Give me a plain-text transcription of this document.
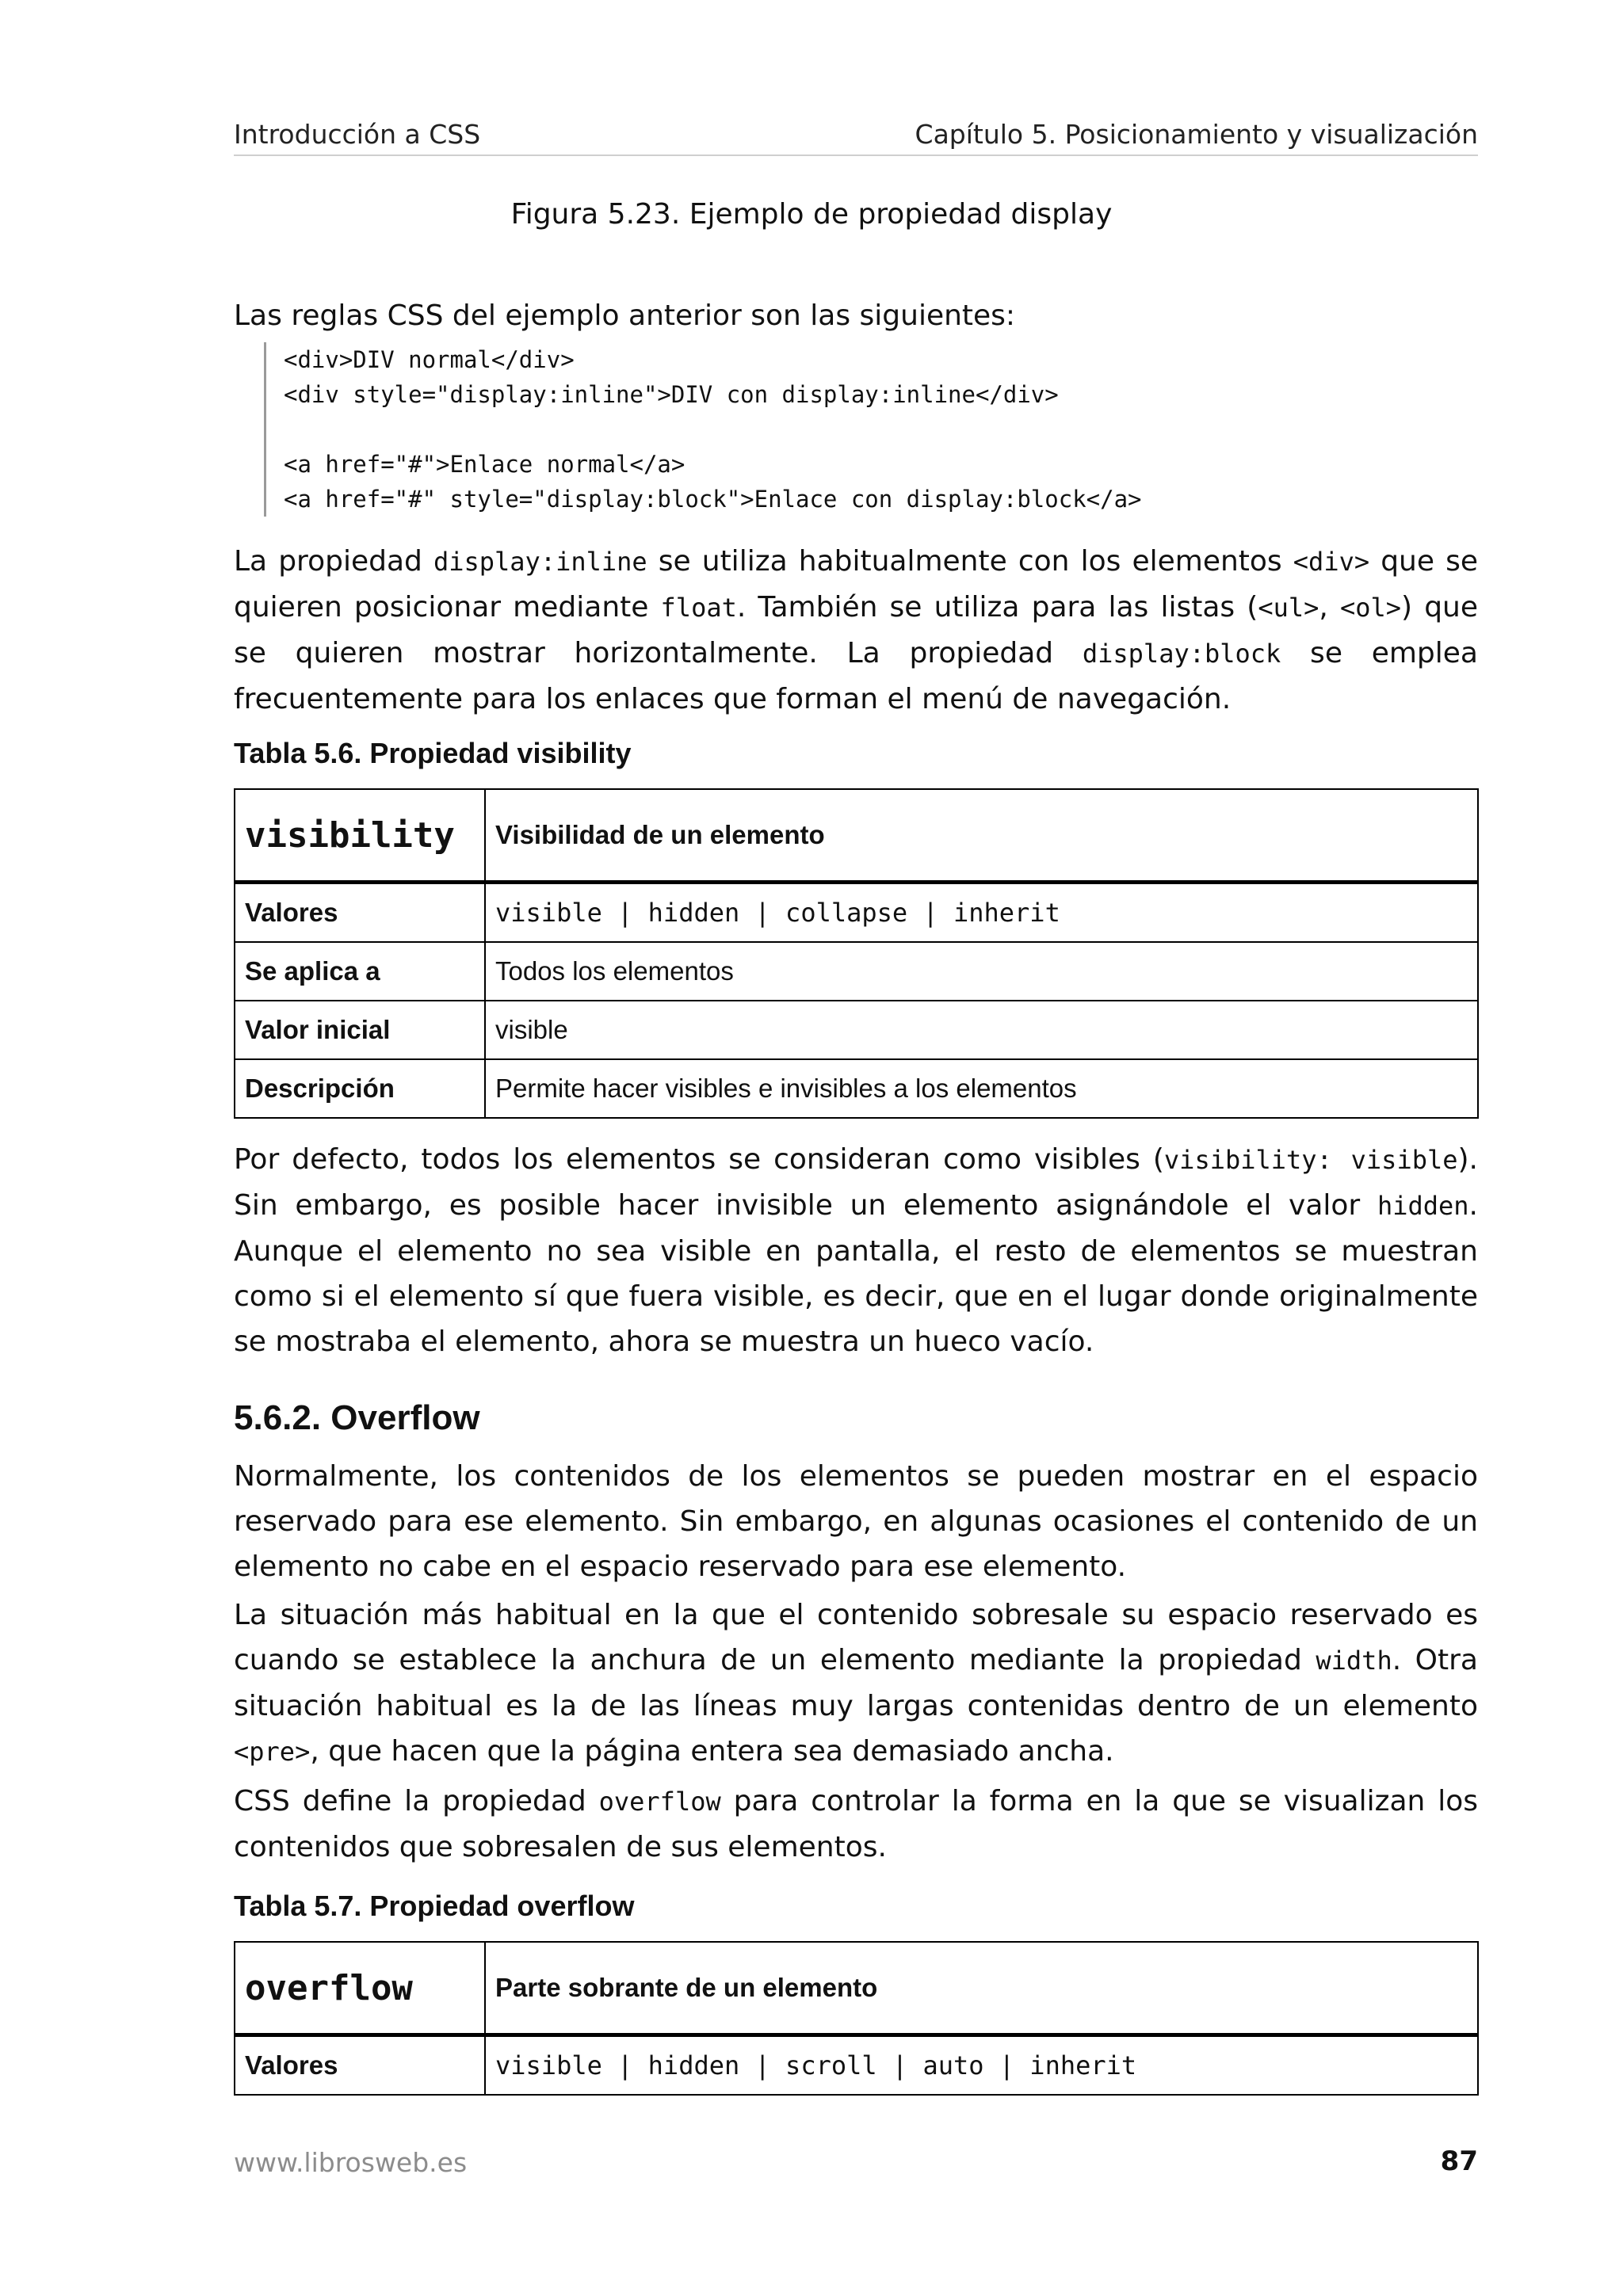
Introducción a CSS	Capítulo 5. Posicionamiento y visualización
Figura 5.23. Ejemplo de propiedad display
Las reglas CSS del ejemplo anterior son las siguientes:
<div>DIV normal</div>
<div style="display:inline">DIV con display:inline</div>
<a href="#">Enlace normal</a>
<a href="#" style="display:block">Enlace con display:block</a>
La propiedad display:inline se utiliza habitualmente con los elementos <div> que se quieren posicionar mediante float. También se utiliza para las listas (<ul>, <ol>) que se quieren mostrar horizontalmente. La propiedad display:block se emplea frecuentemente para los enlaces que forman el menú de navegación.
Tabla 5.6. Propiedad visibility
visibility	Visibilidad de un elemento
Valores	visible | hidden | collapse | inherit
Se aplica a	Todos los elementos
Valor inicial	visible
Descripción	Permite hacer visibles e invisibles a los elementos
Por defecto, todos los elementos se consideran como visibles (visibility: visible). Sin embargo, es posible hacer invisible un elemento asignándole el valor hidden. Aunque el elemento no sea visible en pantalla, el resto de elementos se muestran como si el elemento sí que fuera visible, es decir, que en el lugar donde originalmente se mostraba el elemento, ahora se muestra un hueco vacío.
5.6.2. Overflow
Normalmente, los contenidos de los elementos se pueden mostrar en el espacio reservado para ese elemento. Sin embargo, en algunas ocasiones el contenido de un elemento no cabe en el espacio reservado para ese elemento.
La situación más habitual en la que el contenido sobresale su espacio reservado es cuando se establece la anchura de un elemento mediante la propiedad width. Otra situación habitual es la de las líneas muy largas contenidas dentro de un elemento <pre>, que hacen que la página entera sea demasiado ancha.
CSS define la propiedad overflow para controlar la forma en la que se visualizan los contenidos que sobresalen de sus elementos.
Tabla 5.7. Propiedad overflow
overflow	Parte sobrante de un elemento
Valores	visible | hidden | scroll | auto | inherit
www.librosweb.es	87
